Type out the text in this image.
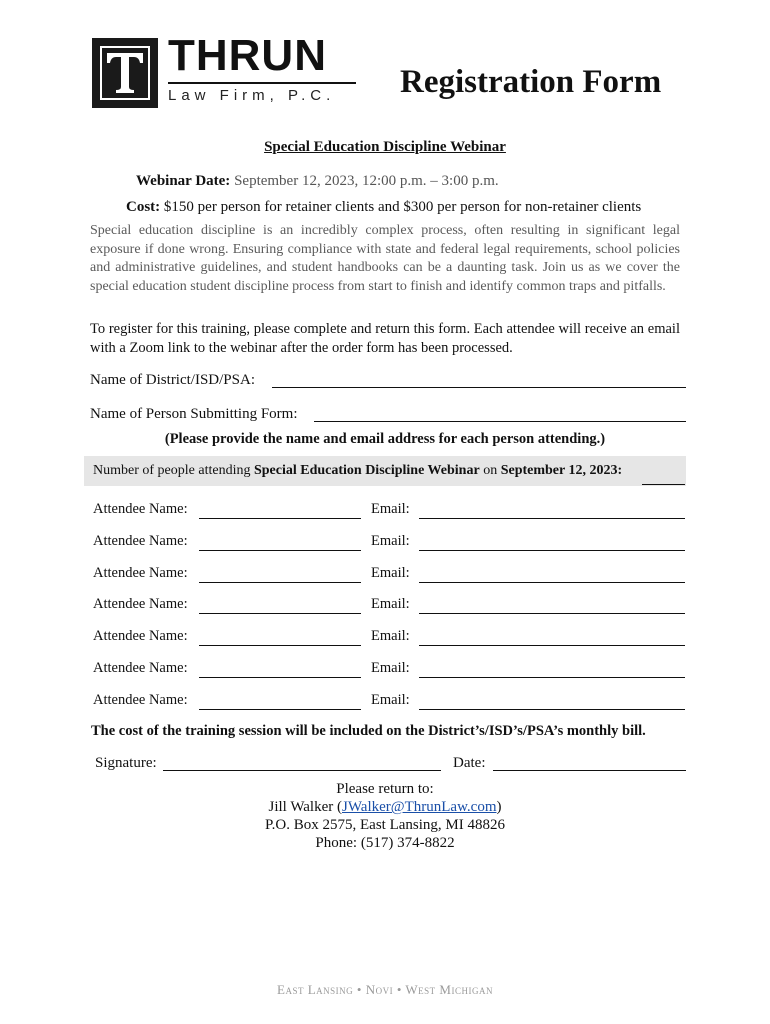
THRUN
Law Firm, P.C. Registration Form
Special Education Discipline Webinar
Webinar Date: September 12, 2023, 12:00 p.m. – 3:00 p.m.
Cost: $150 per person for retainer clients and $300 per person for non-retainer clients
Special education discipline is an incredibly complex process, often resulting in significant legal exposure if done wrong. Ensuring compliance with state and federal legal requirements, school policies and administrative guidelines, and student handbooks can be a daunting task. Join us as we cover the special education student discipline process from start to finish and identify common traps and pitfalls.
To register for this training, please complete and return this form. Each attendee will receive an email with a Zoom link to the webinar after the order form has been processed.
Name of District/ISD/PSA:
Name of Person Submitting Form:
(Please provide the name and email address for each person attending.)
Number of people attending Special Education Discipline Webinar on September 12, 2023:
Attendee Name:	Email:
Attendee Name:	Email:
Attendee Name:	Email:
Attendee Name:	Email:
Attendee Name:	Email:
Attendee Name:	Email:
Attendee Name:	Email:
The cost of the training session will be included on the District’s/ISD’s/PSA’s monthly bill.
Signature:	Date:
Please return to:
Jill Walker (JWalker@ThrunLaw.com)
P.O. Box 2575, East Lansing, MI 48826
Phone: (517) 374-8822
East Lansing • Novi • West Michigan
